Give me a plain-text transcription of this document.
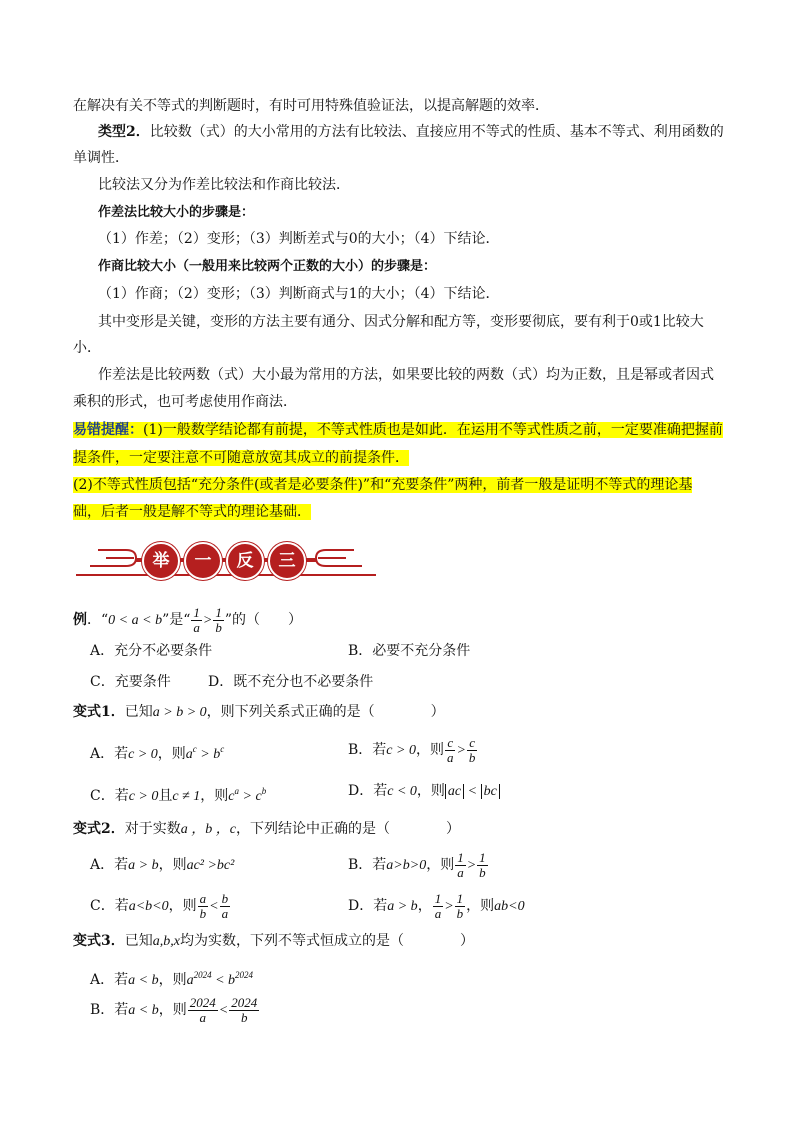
在解决有关不等式的判断题时，有时可用特殊值验证法，以提高解题的效率．
类型2．比较数（式）的大小常用的方法有比较法、直接应用不等式的性质、基本不等式、利用函数的
单调性．
比较法又分为作差比较法和作商比较法．
作差法比较大小的步骤是：
（1）作差；（2）变形；（3）判断差式与0的大小；（4）下结论．
作商比较大小（一般用来比较两个正数的大小）的步骤是：
（1）作商；（2）变形；（3）判断商式与1的大小；（4）下结论．
其中变形是关键，变形的方法主要有通分、因式分解和配方等，变形要彻底，要有利于0或1比较大
小．
作差法是比较两数（式）大小最为常用的方法，如果要比较的两数（式）均为正数，且是幂或者因式
乘积的形式，也可考虑使用作商法．
易错提醒：(1)一般数学结论都有前提，不等式性质也是如此．在运用不等式性质之前，一定要准确把握前
提条件，一定要注意不可随意放宽其成立的前提条件．
(2)不等式性质包括“充分条件(或者是必要条件)”和“充要条件”两种，前者一般是证明不等式的理论基
础，后者一般是解不等式的理论基础．
举	一	反	三
例．“0 < a < b”是“ $\frac{1}{a} > \frac{1}{b}$ ”的（　　）
A．充分不必要条件	B．必要不充分条件
C．充要条件	D．既不充分也不必要条件
变式1．已知a > b > 0，则下列关系式正确的是（　　　　）
A．若c > 0，则$a^c > b^c$	B．若c > 0，则 $\frac{c}{a} > \frac{c}{b}$
C．若c > 0且c ≠ 1，则$c^a > c^b$	D．若c < 0，则 ac < bc
变式2．对于实数a ，b ，c，下列结论中正确的是（　　　　）
A．若a > b，则ac² >bc²	B．若a>b>0，则 $\frac{1}{a} > \frac{1}{b}$
C．若a<b<0，则 $\frac{a}{b} < \frac{b}{a}$	D．若a > b， $\frac{1}{a} > \frac{1}{b}$ ，则ab<0
变式3．已知a,b,x均为实数，下列不等式恒成立的是（　　　　）
A．若a < b，则$a^{2024} < b^{2024}$
B．若a < b，则 $\frac{2024}{a} < \frac{2024}{b}$
